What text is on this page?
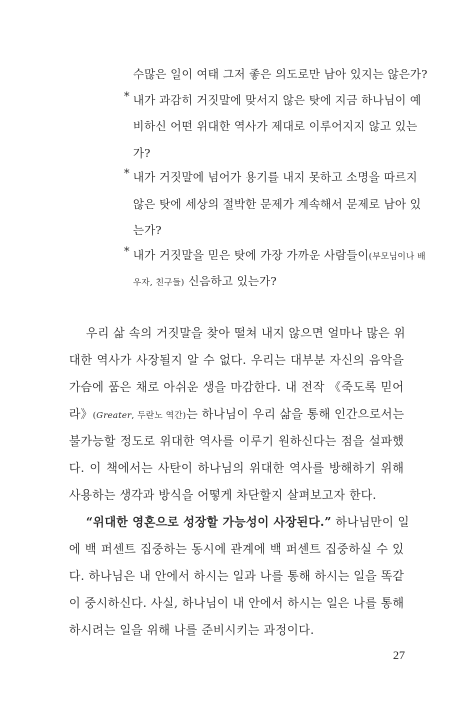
수많은 일이 여태 그저 좋은 의도로만 남아 있지는 않은가?

* 내가 과감히 거짓말에 맞서지 않은 탓에 지금 하나님이 예

비하신 어떤 위대한 역사가 제대로 이루어지지 않고 있는

가?

* 내가 거짓말에 넘어가 용기를 내지 못하고 소명을 따르지

않은 탓에 세상의 절박한 문제가 계속해서 문제로 남아 있

는가?

* 내가 거짓말을 믿은 탓에 가장 가까운 사람들이(부모님이나 배

우자, 친구들) 신음하고 있는가?

우리 삶 속의 거짓말을 찾아 떨쳐 내지 않으면 얼마나 많은 위

대한 역사가 사장될지 알 수 없다. 우리는 대부분 자신의 음악을

가슴에 품은 채로 아쉬운 생을 마감한다. 내 전작 《죽도록 믿어

라》(Greater, 두란노 역간)는 하나님이 우리 삶을 통해 인간으로서는

불가능할 정도로 위대한 역사를 이루기 원하신다는 점을 설파했

다. 이 책에서는 사탄이 하나님의 위대한 역사를 방해하기 위해

사용하는 생각과 방식을 어떻게 차단할지 살펴보고자 한다.

“위대한 영혼으로 성장할 가능성이 사장된다.” 하나님만이 일

에 백 퍼센트 집중하는 동시에 관계에 백 퍼센트 집중하실 수 있

다. 하나님은 내 안에서 하시는 일과 나를 통해 하시는 일을 똑같

이 중시하신다. 사실, 하나님이 내 안에서 하시는 일은 나를 통해

하시려는 일을 위해 나를 준비시키는 과정이다.

27
